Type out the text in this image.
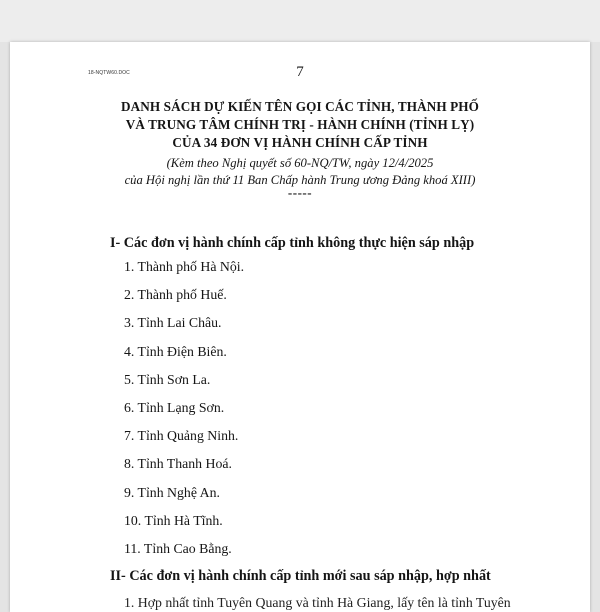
18-NQTW60.DOC	7
DANH SÁCH DỰ KIẾN TÊN GỌI CÁC TỈNH, THÀNH PHỐ
VÀ TRUNG TÂM CHÍNH TRỊ - HÀNH CHÍNH (TỈNH LỴ)
CỦA 34 ĐƠN VỊ HÀNH CHÍNH CẤP TỈNH
(Kèm theo Nghị quyết số 60-NQ/TW, ngày 12/4/2025
của Hội nghị lần thứ 11 Ban Chấp hành Trung ương Đảng khoá XIII)
-----
I- Các đơn vị hành chính cấp tỉnh không thực hiện sáp nhập
1. Thành phố Hà Nội.
2. Thành phố Huế.
3. Tỉnh Lai Châu.
4. Tỉnh Điện Biên.
5. Tỉnh Sơn La.
6. Tỉnh Lạng Sơn.
7. Tỉnh Quảng Ninh.
8. Tỉnh Thanh Hoá.
9. Tỉnh Nghệ An.
10. Tỉnh Hà Tĩnh.
11. Tỉnh Cao Bằng.
II- Các đơn vị hành chính cấp tỉnh mới sau sáp nhập, hợp nhất
1. Hợp nhất tỉnh Tuyên Quang và tỉnh Hà Giang, lấy tên là tỉnh Tuyên
